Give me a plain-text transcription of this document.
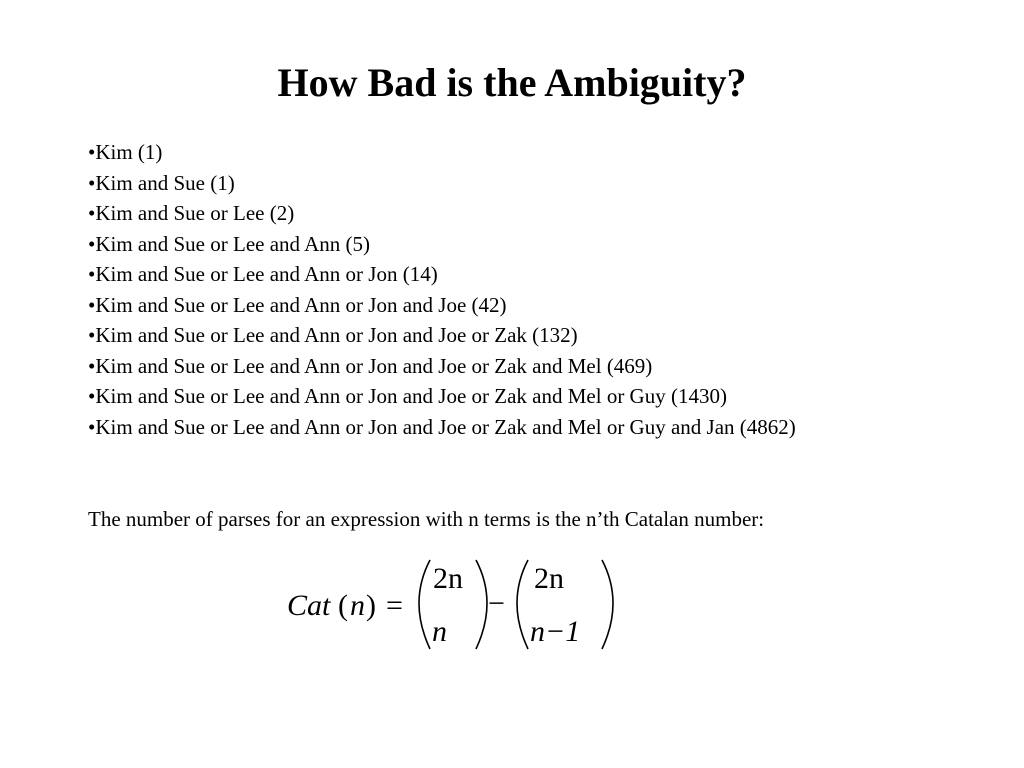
How Bad is the Ambiguity?
•Kim (1)
•Kim and Sue (1)
•Kim and Sue or Lee (2)
•Kim and Sue or Lee and Ann (5)
•Kim and Sue or Lee and Ann or Jon (14)
•Kim and Sue or Lee and Ann or Jon and Joe (42)
•Kim and Sue or Lee and Ann or Jon and Joe or Zak (132)
•Kim and Sue or Lee and Ann or Jon and Joe or Zak and Mel (469)
•Kim and Sue or Lee and Ann or Jon and Joe or Zak and Mel or Guy (1430)
•Kim and Sue or Lee and Ann or Jon and Joe or Zak and Mel or Guy and Jan (4862)

The number of parses for an expression with n terms is the n’th Catalan number:

Cat ( n ) =
2n
n
−
2n
n−1
